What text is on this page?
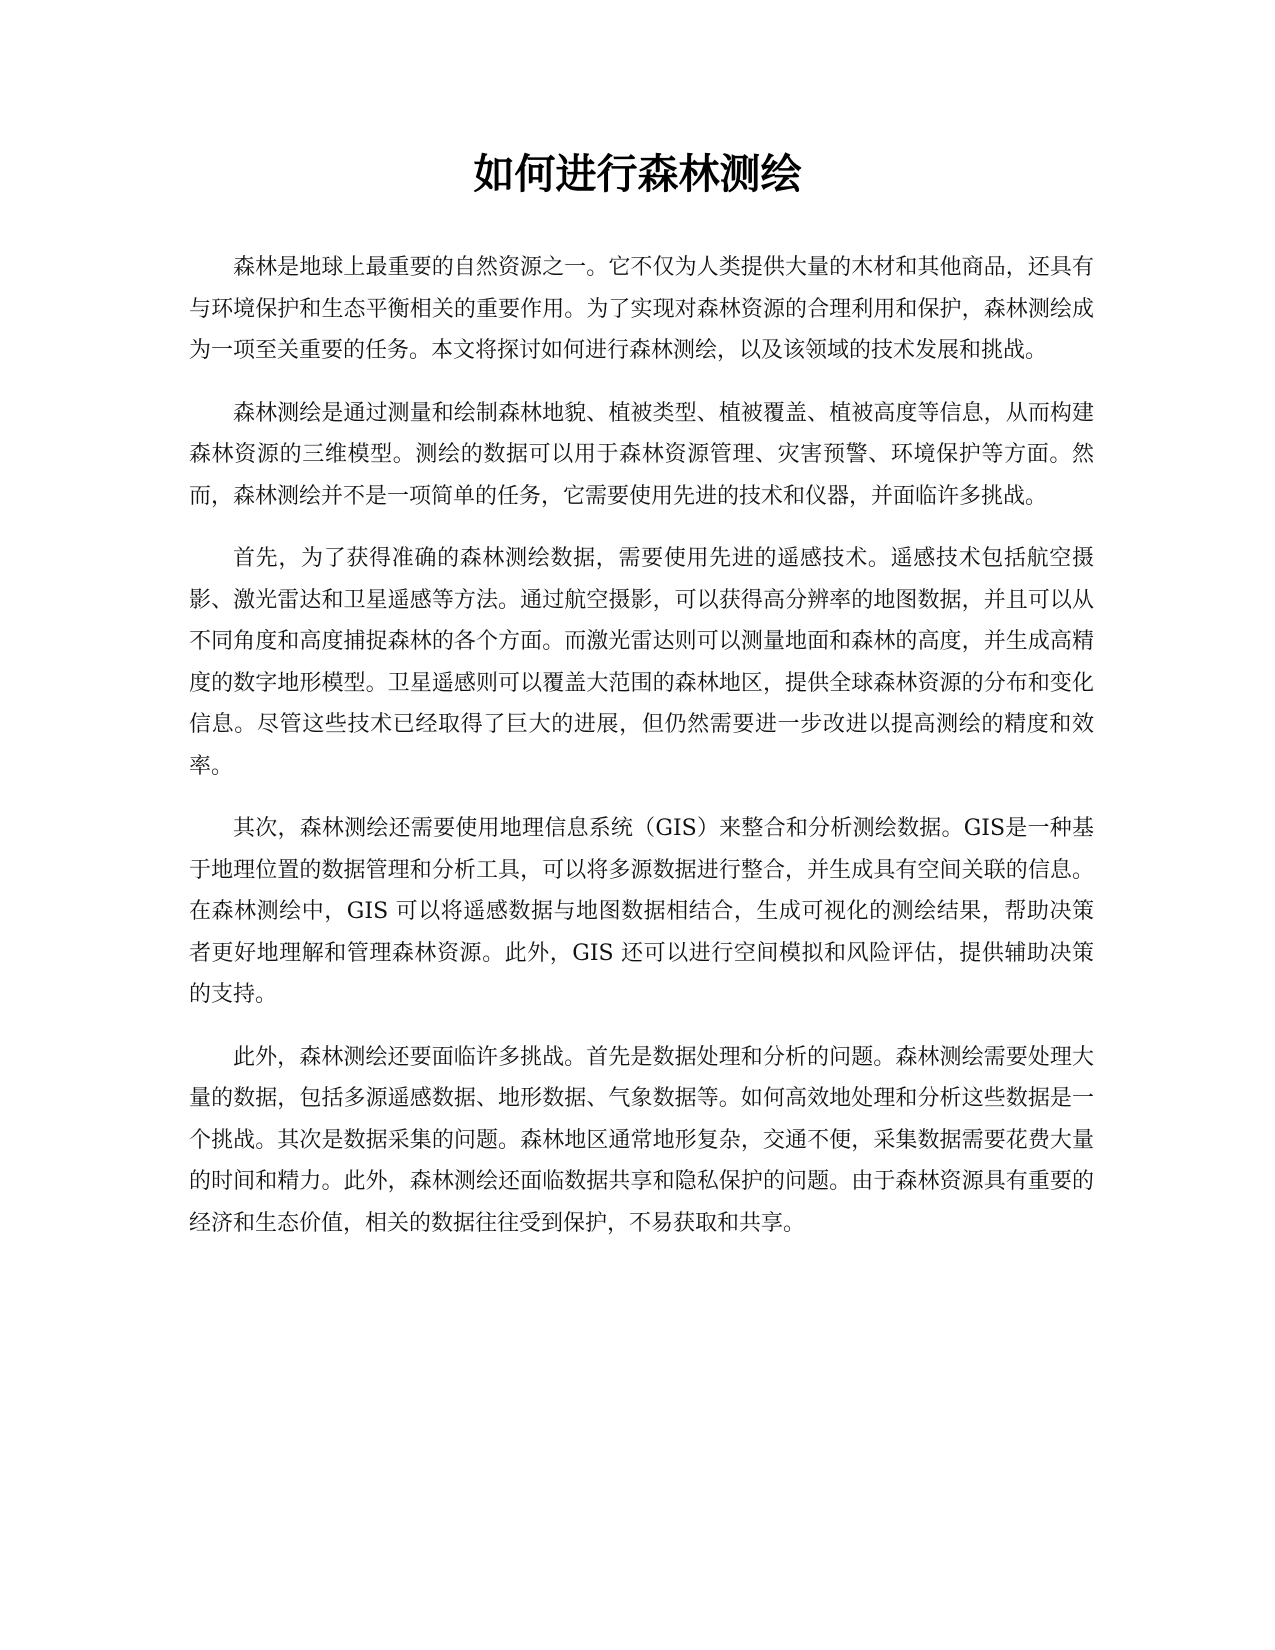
如何进行森林测绘

森林是地球上最重要的自然资源之一。它不仅为人类提供大量的木材和其他商品，还具有与环境保护和生态平衡相关的重要作用。为了实现对森林资源的合理利用和保护，森林测绘成为一项至关重要的任务。本文将探讨如何进行森林测绘，以及该领域的技术发展和挑战。

森林测绘是通过测量和绘制森林地貌、植被类型、植被覆盖、植被高度等信息，从而构建森林资源的三维模型。测绘的数据可以用于森林资源管理、灾害预警、环境保护等方面。然而，森林测绘并不是一项简单的任务，它需要使用先进的技术和仪器，并面临许多挑战。

首先，为了获得准确的森林测绘数据，需要使用先进的遥感技术。遥感技术包括航空摄影、激光雷达和卫星遥感等方法。通过航空摄影，可以获得高分辨率的地图数据，并且可以从不同角度和高度捕捉森林的各个方面。而激光雷达则可以测量地面和森林的高度，并生成高精度的数字地形模型。卫星遥感则可以覆盖大范围的森林地区，提供全球森林资源的分布和变化信息。尽管这些技术已经取得了巨大的进展，但仍然需要进一步改进以提高测绘的精度和效率。

其次，森林测绘还需要使用地理信息系统（GIS）来整合和分析测绘数据。GIS是一种基于地理位置的数据管理和分析工具，可以将多源数据进行整合，并生成具有空间关联的信息。在森林测绘中，GIS 可以将遥感数据与地图数据相结合，生成可视化的测绘结果，帮助决策者更好地理解和管理森林资源。此外，GIS 还可以进行空间模拟和风险评估，提供辅助决策的支持。

此外，森林测绘还要面临许多挑战。首先是数据处理和分析的问题。森林测绘需要处理大量的数据，包括多源遥感数据、地形数据、气象数据等。如何高效地处理和分析这些数据是一个挑战。其次是数据采集的问题。森林地区通常地形复杂，交通不便，采集数据需要花费大量的时间和精力。此外，森林测绘还面临数据共享和隐私保护的问题。由于森林资源具有重要的经济和生态价值，相关的数据往往受到保护，不易获取和共享。
